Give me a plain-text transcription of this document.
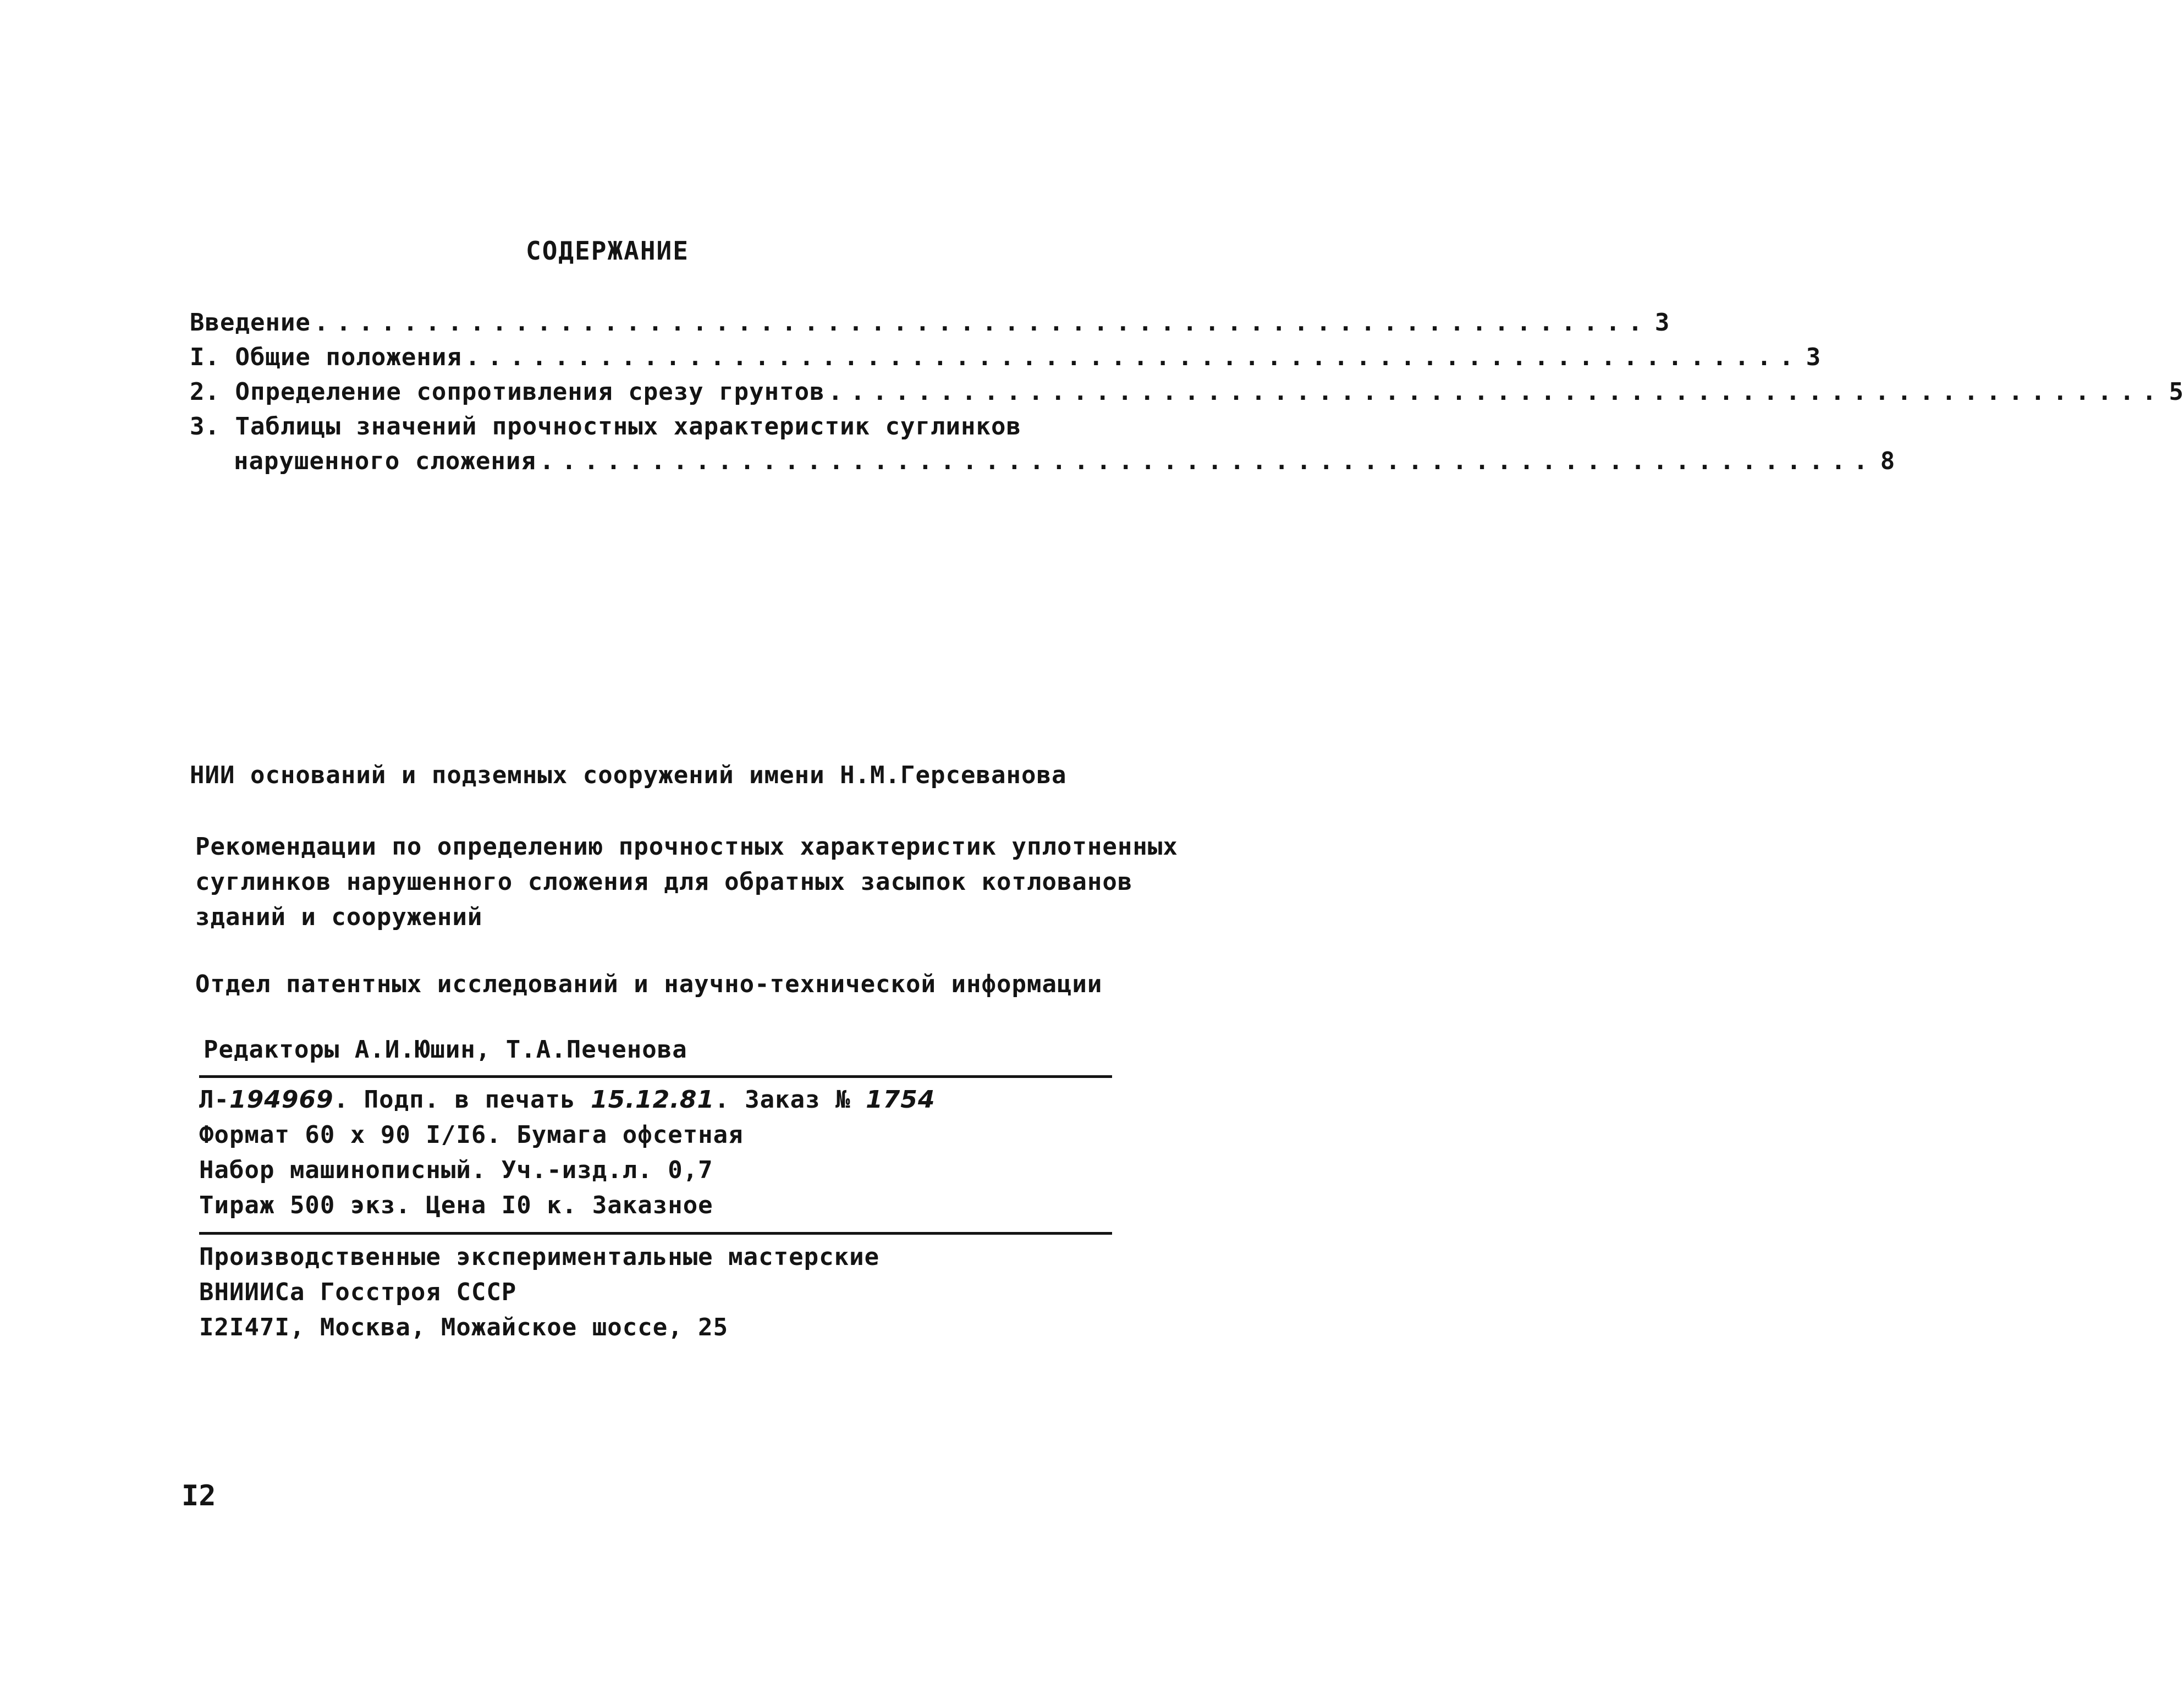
СОДЕРЖАНИЕ
Введение ............................................................ 3
I. Общие положения ............................................................ 3
2. Определение сопротивления срезу грунтов ............................................................ 5
3. Таблицы значений прочностных характеристик суглинков
нарушенного сложения ............................................................ 8
НИИ оснований и подземных сооружений имени Н.М.Герсеванова
Рекомендации по определению прочностных характеристик уплотненных
суглинков нарушенного сложения для обратных засыпок котлованов
зданий и сооружений
Отдел патентных исследований и научно-технической информации
Редакторы А.И.Юшин, Т.А.Печенова
Л-194969. Подп. в печать 15.12.81. Заказ № 1754
Формат 60 х 90 I/I6. Бумага офсетная
Набор машинописный. Уч.-изд.л. 0,7
Тираж 500 экз. Цена I0 к. Заказное
Производственные экспериментальные мастерские
ВНИИИСа Госстроя СССР
I2I47I, Москва, Можайское шоссе, 25
I2
